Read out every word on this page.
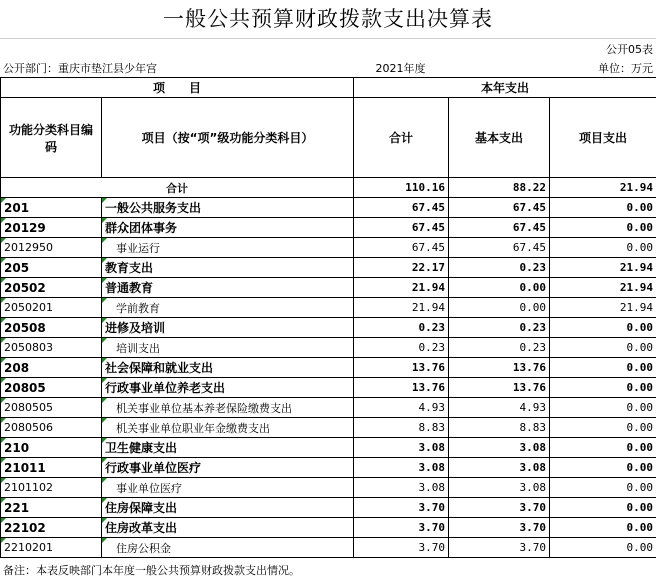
一般公共预算财政拨款支出决算表
公开05表
公开部门：重庆市垫江县少年宫	2021年度	单位：万元
项　　目		本年支出		
功能分类科目编码	项目（按“项”级功能分类科目）	合计	基本支出	项目支出
合计		110.16	88.22	21.94

201	一般公共服务支出	67.45	67.45	0.00

20129	群众团体事务	67.45	67.45	0.00

2012950	事业运行	67.45	67.45	0.00

205	教育支出	22.17	0.23	21.94

20502	普通教育	21.94	0.00	21.94

2050201	学前教育	21.94	0.00	21.94

20508	进修及培训	0.23	0.23	0.00

2050803	培训支出	0.23	0.23	0.00

208	社会保障和就业支出	13.76	13.76	0.00

20805	行政事业单位养老支出	13.76	13.76	0.00

2080505	机关事业单位基本养老保险缴费支出	4.93	4.93	0.00

2080506	机关事业单位职业年金缴费支出	8.83	8.83	0.00

210	卫生健康支出	3.08	3.08	0.00

21011	行政事业单位医疗	3.08	3.08	0.00

2101102	事业单位医疗	3.08	3.08	0.00

221	住房保障支出	3.70	3.70	0.00

22102	住房改革支出	3.70	3.70	0.00

2210201	住房公积金	3.70	3.70	0.00
备注：本表反映部门本年度一般公共预算财政拨款支出情况。
